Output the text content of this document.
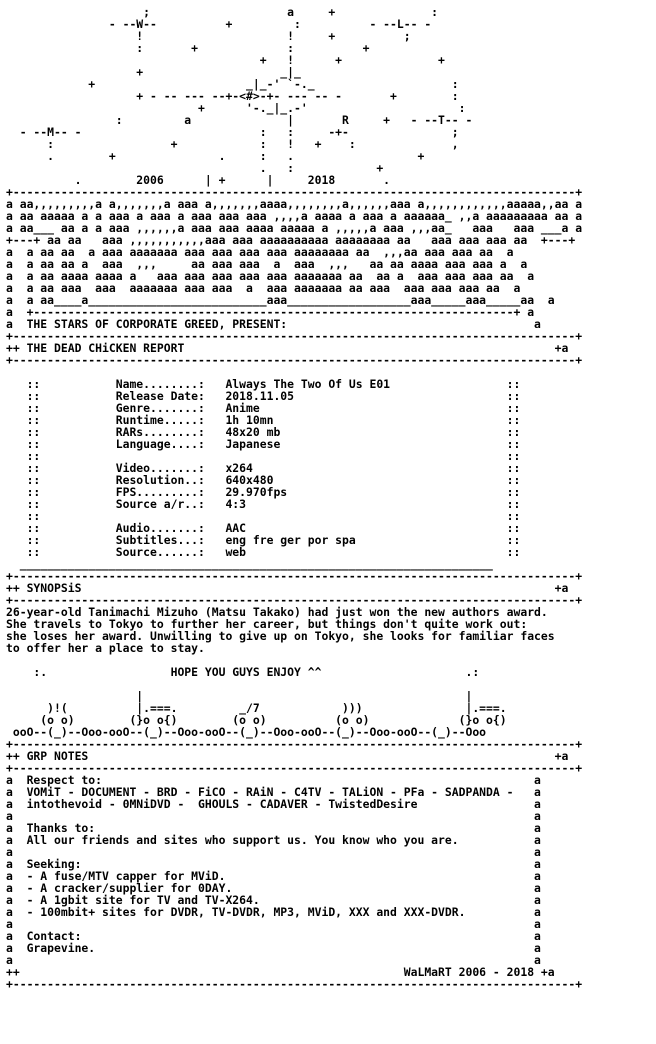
;                    a     +              :
- --W--          +         :          - --L-- -
!                     !     +          ;
:       +             :          +
+   !      +              +
+                    _|_
+                      _|_-' `-._                    :
+ - -- --- --+-<#>-+- --- -- -       +        :
+      '-._|_.-'                      :
:         a              |       R     +   - --T-- -
- --M-- -                          :   :     -+-               ;
:                 +            :   !   +    :              ,
.        +               .     :   .                  +
.   :            +
.        2006      | +      |     2018       .
+----------------------------------------------------------------------------------+
a aa,,,,,,,,,a a,,,,,,,a aaa a,,,,,,,aaaa,,,,,,,,a,,,,,,aaa a,,,,,,,,,,,,aaaaa,,aa a
a aa aaaaa a a aaa a aaa a aaa aaa aaa ,,,,a aaaa a aaa a aaaaaa_ ,,a aaaaaaaaa aa a
a aa___ aa a a aaa ,,,,,,a aaa aaa aaaa aaaaa a ,,,,,a aaa ,,,aa_   aaa   aaa ___a a
+---+ aa aa   aaa ,,,,,,,,,,,aaa aaa aaaaaaaaaa aaaaaaaa aa   aaa aaa aaa aa  +---+
a  a aa aa  a aaa aaaaaaa aaa aaa aaa aaa aaaaaaaa aa  ,,,aa aaa aaa aa  a
a  a aa aa a  aaa  ,,,     aa aaa aaa  a  aaa  ,,,   aa aa aaaa aaa aaa a  a
a  a aa aaaa aaaa a   aaa aaa aaa aaa aaa aaaaaaa aa  aa a  aaa aaa aaa aa  a
a  a aa aaa  aaa  aaaaaaa aaa aaa  a  aaa aaaaaaa aa aaa  aaa aaa aaa aa  a
a  a aa____a__________________________aaa__________________aaa_____aaa_____aa  a
a  +----------------------------------------------------------------------+ a
a  THE STARS OF CORPORATE GREED, PRESENT:                                    a
+----------------------------------------------------------------------------------+
++ THE DEAD CHiCKEN REPORT                                                      +a
+----------------------------------------------------------------------------------+
::           Name........:   Always The Two Of Us E01                 ::
::           Release Date:   2018.11.05                               ::
::           Genre.......:   Anime                                    ::
::           Runtime.....:   1h 10mn                                  ::
::           RARs........:   48x20 mb                                 ::
::           Language....:   Japanese                                 ::
::                                                                    ::
::           Video.......:   x264                                     ::
::           Resolution..:   640x480                                  ::
::           FPS.........:   29.970fps                                ::
::           Source a/r..:   4:3                                      ::
::                                                                    ::
::           Audio.......:   AAC                                      ::
::           Subtitles...:   eng fre ger por spa                      ::
::           Source......:   web                                      ::
_____________________________________________________________________
+----------------------------------------------------------------------------------+
++ SYNOPSiS                                                                     +a
+----------------------------------------------------------------------------------+
26-year-old Tanimachi Mizuho (Matsu Takako) had just won the new authors award.
She travels to Tokyo to further her career, but things don't quite work out:
she loses her award. Unwilling to give up on Tokyo, she looks for familiar faces
to offer her a place to stay.
:.                  HOPE YOU GUYS ENJOY ^^                     .:
|                                               |
)!(          |.===.         _/7            )))               |.===.
(o o)        (}o o{)        (o o)          (o o)             (}o o{)
ooO--(_)--Ooo-ooO--(_)--Ooo-ooO--(_)--Ooo-ooO--(_)--Ooo-ooO--(_)--Ooo
+----------------------------------------------------------------------------------+
++ GRP NOTES                                                                    +a
+----------------------------------------------------------------------------------+
a  Respect to:                                                               a
a  VOMiT - DOCUMENT - BRD - FiCO - RAiN - C4TV - TALiON - PFa - SADPANDA -   a
a  intothevoid - 0MNiDVD -  GHOULS - CADAVER - TwistedDesire                 a
a                                                                            a
a  Thanks to:                                                                a
a  All our friends and sites who support us. You know who you are.           a
a                                                                            a
a  Seeking:                                                                  a
a  - A fuse/MTV capper for MViD.                                             a
a  - A cracker/supplier for 0DAY.                                            a
a  - A 1gbit site for TV and TV-X264.                                        a
a  - 100mbit+ sites for DVDR, TV-DVDR, MP3, MViD, XXX and XXX-DVDR.          a
a                                                                            a
a  Contact:                                                                  a
a  Grapevine.                                                                a
a                                                                            a
++                                                        WaLMaRT 2006 - 2018 +a
+----------------------------------------------------------------------------------+
